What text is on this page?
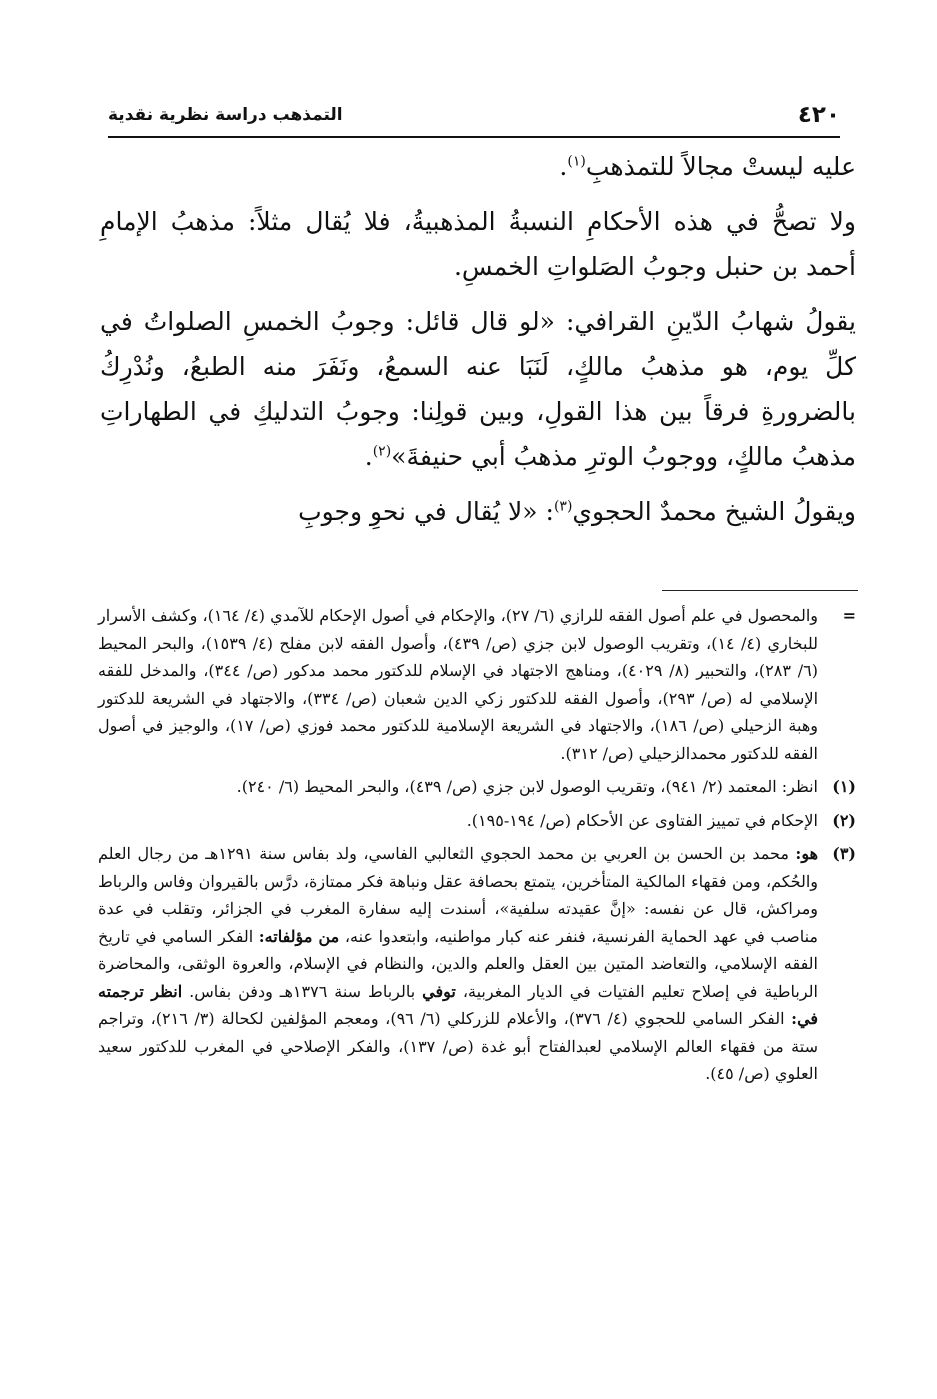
٤٢٠
التمذهب دراسة نظرية نقدية

عليه ليستْ مجالاً للتمذهبِ$^{(١)}$.

ولا تصحُّ في هذه الأحكامِ النسبةُ المذهبيةُ، فلا يُقال مثلاً: مذهبُ الإمامِ أحمد بن حنبل وجوبُ الصَلواتِ الخمسِ.

يقولُ شهابُ الدّينِ القرافي: «لو قال قائل: وجوبُ الخمسِ الصلواتُ في كلِّ يوم، هو مذهبُ مالكٍ، لَنَبَا عنه السمعُ، ونَفَرَ منه الطبعُ، ونُدْرِكُ بالضرورةِ فرقاً بين هذا القولِ، وبين قولِنا: وجوبُ التدليكِ في الطهاراتِ مذهبُ مالكٍ، ووجوبُ الوترِ مذهبُ أبي حنيفةَ»$^{(٢)}$.

ويقولُ الشيخ محمدٌ الحجوي$^{(٣)}$: «لا يُقال في نحوِ وجوبِ

=
والمحصول في علم أصول الفقه للرازي (٦/ ٢٧)، والإحكام في أصول الإحكام للآمدي (٤/ ١٦٤)، وكشف الأسرار للبخاري (٤/ ١٤)، وتقريب الوصول لابن جزي (ص/ ٤٣٩)، وأصول الفقه لابن مفلح (٤/ ١٥٣٩)، والبحر المحيط (٦/ ٢٨٣)، والتحبير (٨/ ٤٠٢٩)، ومناهج الاجتهاد في الإسلام للدكتور محمد مدكور (ص/ ٣٤٤)، والمدخل للفقه الإسلامي له (ص/ ٢٩٣)، وأصول الفقه للدكتور زكي الدين شعبان (ص/ ٣٣٤)، والاجتهاد في الشريعة للدكتور وهبة الزحيلي (ص/ ١٨٦)، والاجتهاد في الشريعة الإسلامية للدكتور محمد فوزي (ص/ ١٧)، والوجيز في أصول الفقه للدكتور محمدالزحيلي (ص/ ٣١٢).

(١)
انظر: المعتمد (٢/ ٩٤١)، وتقريب الوصول لابن جزي (ص/ ٤٣٩)، والبحر المحيط (٦/ ٢٤٠).

(٢)
الإحكام في تمييز الفتاوى عن الأحكام (ص/ ١٩٤-١٩٥).

(٣)
هو: محمد بن الحسن بن العربي بن محمد الحجوي الثعالبي الفاسي، ولد بفاس سنة ١٢٩١هـ من رجال العلم والحُكم، ومن فقهاء المالكية المتأخرين، يتمتع بحصافة عقل ونباهة فكر ممتازة، درَّس بالقيروان وفاس والرباط ومراكش، قال عن نفسه: «إنَّ عقيدته سلفية»، أسندت إليه سفارة المغرب في الجزائر، وتقلب في عدة مناصب في عهد الحماية الفرنسية، فنفر عنه كبار مواطنيه، وابتعدوا عنه، من مؤلفاته: الفكر السامي في تاريخ الفقه الإسلامي، والتعاضد المتين بين العقل والعلم والدين، والنظام في الإسلام، والعروة الوثقى، والمحاضرة الرباطية في إصلاح تعليم الفتيات في الديار المغربية، توفي بالرباط سنة ١٣٧٦هـ ودفن بفاس. انظر ترجمته في: الفكر السامي للحجوي (٤/ ٣٧٦)، والأعلام للزركلي (٦/ ٩٦)، ومعجم المؤلفين لكحالة (٣/ ٢١٦)، وتراجم ستة من فقهاء العالم الإسلامي لعبدالفتاح أبو غدة (ص/ ١٣٧)، والفكر الإصلاحي في المغرب للدكتور سعيد العلوي (ص/ ٤٥).
